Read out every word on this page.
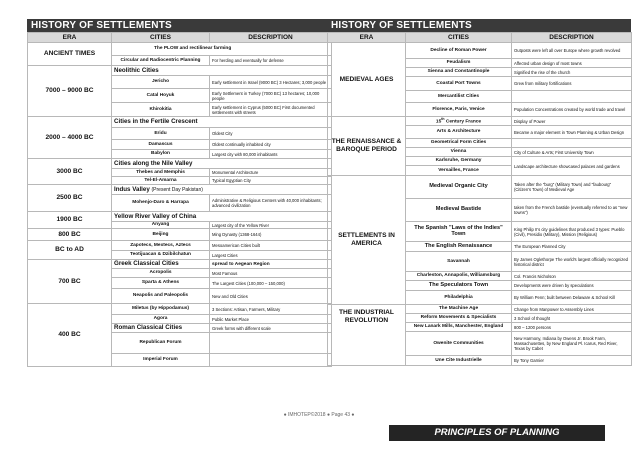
HISTORY OF SETTLEMENTS
ERA	CITIES	DESCRIPTION
ANCIENT TIMES	The PLOW and rectilinear farming	
	Circular and Radiocentric Planning	For herding and eventually for defense
7000 – 9000 BC	Neolithic Cities	
	Jericho	Early settlement in Israel (9000 BC) 3 Hectares; 3,000 people
	Catal Hoyuk	Early Settlement in Turkey (7000 BC) 13 hectares; 10,000 people
	Khirokitia	Early settlement in Cyprus (5000 BC) First documented settlements with streets
2000 – 4000 BC	Cities in the Fertile Crescent	
	Eridu	Oldest City
	Damascus	Oldest continually inhabited city
	Babylon	Largest city with 80,000 inhabitants
3000 BC	Cities along the Nile Valley	
	Thebes and Memphis	Monumental Architecture
	Tel-El-Amarna	Typical Egyptian City
2500 BC	Indus Valley (Present Day Pakistan)	
	Mohenjo-Daro & Harrapa	Administrative & Religious Centers with 40,000 inhabitants; advanced civilization
1900 BC	Yellow River Valley of China	
	Anyang	Largest city of the Yellow River
800 BC	Beijing	Ming Dynasty (1368-1644)
BC to AD	Zapotecs, Mextecs, Aztecs	Mesoamerican Cities built
	Teotijuacan & Dzibilchatun	Largest Cities
700 BC	Greek Classical Cities	spread to Aegean Region
	Acropolis	Most Famous
	Sparta & Athens	The Largest Cities (100,000 – 150,000)
	Neapolis and Paleopolis	New and Old Cities
400 BC	Miletus (by Hippodamus)	3 Sections: Artisan, Farmers, Military
	Agora	Public Market Place
	Roman Classical Cities	Greek forms with different scale
	Republican Forum	
	Imperial Forum	
HISTORY OF SETTLEMENTS
ERA	CITIES	DESCRIPTION
MEDIEVAL AGES	Decline of Roman Power	Outposts were left all over Europe where growth revolved
	Feudalism	Affected urban design of most towns
	Sienna and Constantinople	Signified the rise of the church
	Coastal Port Towns	Grew from military fortifications
	Mercantilist Cities	
	Florence, Paris, Venice	Population Concentrations created by world trade and travel
THE RENAISSANCE & BAROQUE PERIOD	15th Century France	Display of Power
	Arts & Architecture	Became a major element in Town Planning & Urban Design
	Geometrical Form Cities	
	Vienna	City of Culture & Arts; First University Town
	Karlsruhe, Germany	Landscape architecture showcased palaces and gardens
	Versailles, France	
SETTLEMENTS IN AMERICA	Medieval Organic City	Taken after the "burg" (Military Town) and "faubourg" (Citizen's Town) of Medieval Age
	Medieval Bastide	taken from the French bastide (eventually referred to as "new towns")
	The Spanish "Laws of the Indies" Town	King Philip II's city guidelines that produced 3 types: Pueblo (Civil), Presidio (Military), Mission (Religious)
	The English Renaissance	The European Planned City
	Savannah	By James Oglethorpe The world's largest officially recognized historical district
	Charleston, Annapolis, Williamsburg	Col. Francis Nicholson
	The Speculators Town	Developments were driven by speculations
	Philadelphia	By William Penn; built between Delaware & School Kill
THE INDUSTRIAL REVOLUTION	The Machine Age	Change from Manpower to Assembly Lines
	Reform Movements & Specialists	3 School of thought
	New Lanark Mills, Manchester, England	800 – 1200 persons
	Owenite Communities	New Harmony, Indiana by Owens Jr. Brook Farm, Massachusettes, by New England Pl. Icarus, Red River, Texas by Cabet
	Une Cite Industrielle	By Tony Garnier
● IMHOTEP©2018 ● Page 43 ●
PRINCIPLES OF PLANNING
